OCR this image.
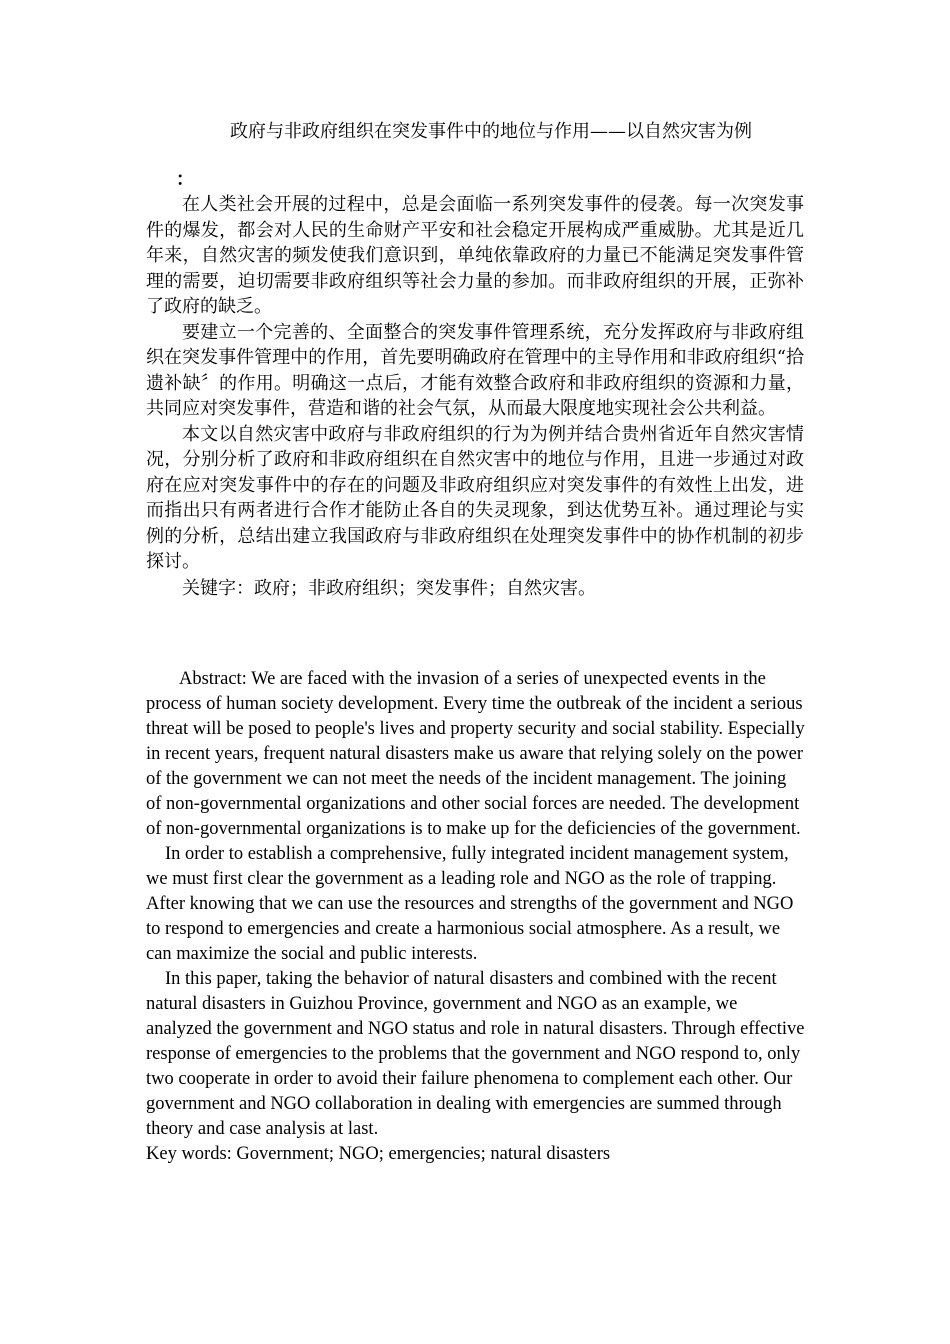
政府与非政府组织在突发事件中的地位与作用——以自然灾害为例
：

在人类社会开展的过程中，总是会面临一系列突发事件的侵袭。每一次突发事件的爆发，都会对人民的生命财产平安和社会稳定开展构成严重威胁。尤其是近几年来，自然灾害的频发使我们意识到，单纯依靠政府的力量已不能满足突发事件管理的需要，迫切需要非政府组织等社会力量的参加。而非政府组织的开展，正弥补了政府的缺乏。

要建立一个完善的、全面整合的突发事件管理系统，充分发挥政府与非政府组织在突发事件管理中的作用，首先要明确政府在管理中的主导作用和非政府组织“拾遗补缺〞的作用。明确这一点后，才能有效整合政府和非政府组织的资源和力量，共同应对突发事件，营造和谐的社会气氛，从而最大限度地实现社会公共利益。

本文以自然灾害中政府与非政府组织的行为为例并结合贵州省近年自然灾害情况，分别分析了政府和非政府组织在自然灾害中的地位与作用，且进一步通过对政府在应对突发事件中的存在的问题及非政府组织应对突发事件的有效性上出发，进而指出只有两者进行合作才能防止各自的失灵现象，到达优势互补。通过理论与实例的分析，总结出建立我国政府与非政府组织在处理突发事件中的协作机制的初步探讨。

关键字：政府；非政府组织；突发事件；自然灾害。

Abstract: We are faced with the invasion of a series of unexpected events in the process of human society development. Every time the outbreak of the incident a serious threat will be posed to people's lives and property security and social stability. Especially in recent years, frequent natural disasters make us aware that relying solely on the power of the government we can not meet the needs of the incident management. The joining of non-governmental organizations and other social forces are needed. The development of non-governmental organizations is to make up for the deficiencies of the government.

In order to establish a comprehensive, fully integrated incident management system, we must first clear the government as a leading role and NGO as the role of trapping. After knowing that we can use the resources and strengths of the government and NGO to respond to emergencies and create a harmonious social atmosphere. As a result, we can maximize the social and public interests.

In this paper, taking the behavior of natural disasters and combined with the recent natural disasters in Guizhou Province, government and NGO as an example, we analyzed the government and NGO status and role in natural disasters. Through effective response of emergencies to the problems that the government and NGO respond to, only two cooperate in order to avoid their failure phenomena to complement each other. Our government and NGO collaboration in dealing with emergencies are summed through theory and case analysis at last.

Key words: Government; NGO; emergencies; natural disasters
